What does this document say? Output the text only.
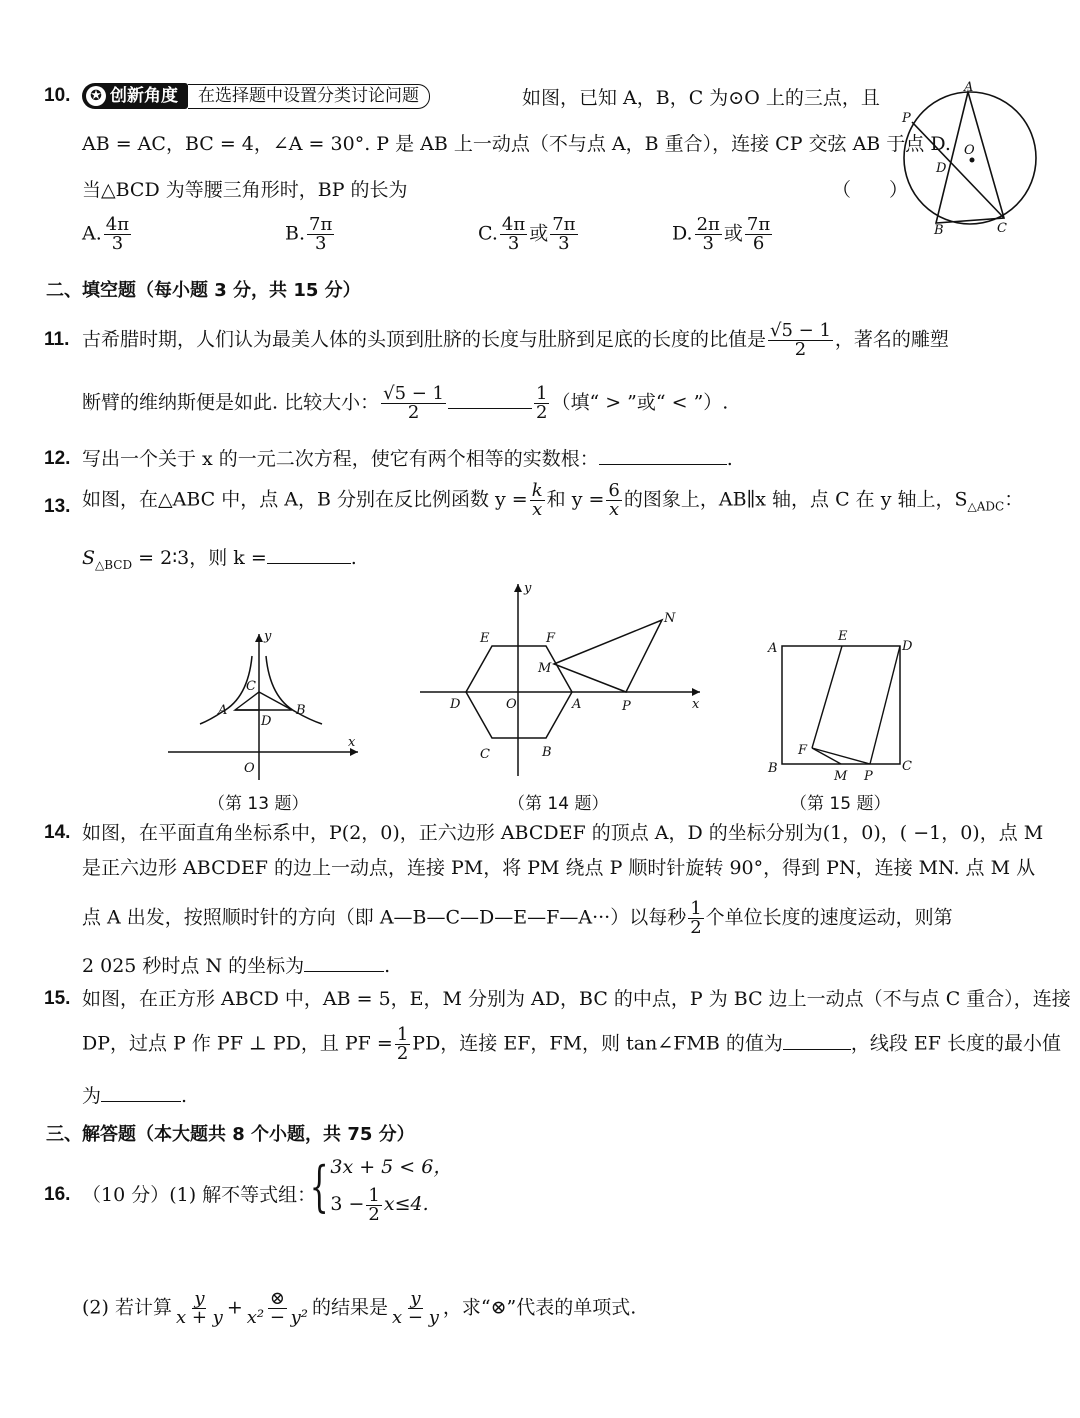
10.	✪ 创新角度	在选择题中设置分类讨论问题	如图，已知 A，B，C 为⊙O 上的三点，且
AB = AC，BC = 4，∠A = 30°. P 是 AB 上一动点（不与点 A，B 重合），连接 CP 交弦 AB 于点 D.
当△BCD 为等腰三角形时，BP 的长为	（　　）
A. $\frac{4\pi}{3}$	B. $\frac{7\pi}{3}$	C. $\frac{4\pi}{3}$ 或 $\frac{7\pi}{3}$	D. $\frac{2\pi}{3}$ 或 $\frac{7\pi}{6}$
A
P
D
O
B	C
二、填空题（每小题 3 分，共 15 分）
11. 古希腊时期，人们认为最美人体的头顶到肚脐的长度与肚脐到足底的长度的比值是 $\frac{√5 - 1}{2}$ ，著名的雕塑
断臂的维纳斯便是如此. 比较大小： $\frac{√5 - 1}{2}$	$\frac{1}{2}$ （填“ > ”或“ < ”）.
12. 写出一个关于 x 的一元二次方程，使它有两个相等的实数根：	.
13. 如图，在△ABC 中，点 A，B 分别在反比例函数 $y = \frac{k}{x}$ 和 $y = \frac{6}{x}$ 的图象上，AB∥x 轴，点 C 在 y 轴上，$S_{\triangle ADC}$：
$S_{\triangle BCD}$ = 2∶3，则 k =	.
y
x
O
C
A
D
B
（第 13 题）
y
x
O
E	F
N
M
D	A	P
C	B
（第 14 题）
A
E
D
F
B
M P
C
（第 15 题）
14. 如图，在平面直角坐标系中，P(2，0)，正六边形 ABCDEF 的顶点 A，D 的坐标分别为(1，0)，( −1，0)，点 M
是正六边形 ABCDEF 的边上一动点，连接 PM，将 PM 绕点 P 顺时针旋转 90°，得到 PN，连接 MN. 点 M 从
点 A 出发，按照顺时针的方向（即 A—B—C—D—E—F—A···）以每秒 $\frac{1}{2}$ 个单位长度的速度运动，则第
2 025 秒时点 N 的坐标为	.
15. 如图，在正方形 ABCD 中，AB = 5，E，M 分别为 AD，BC 的中点，P 为 BC 边上一动点（不与点 C 重合），连接
DP，过点 P 作 PF ⊥ PD，且 PF = $\frac{1}{2}$ PD，连接 EF，FM，则 tan∠FMB 的值为	，线段 EF 长度的最小值
为	.
三、解答题（本大题共 8 个小题，共 75 分）
16. （10 分）(1) 解不等式组：
{ 3x + 5 < 6，
$3 - \frac{1}{2} x\le 4$.
(2) 若计算 $\frac{y}{x + y} + \frac{\otimes}{\text{x² − y²}}$ 的结果是 $\frac{y}{x - y}$ ，求“⊗”代表的单项式.
